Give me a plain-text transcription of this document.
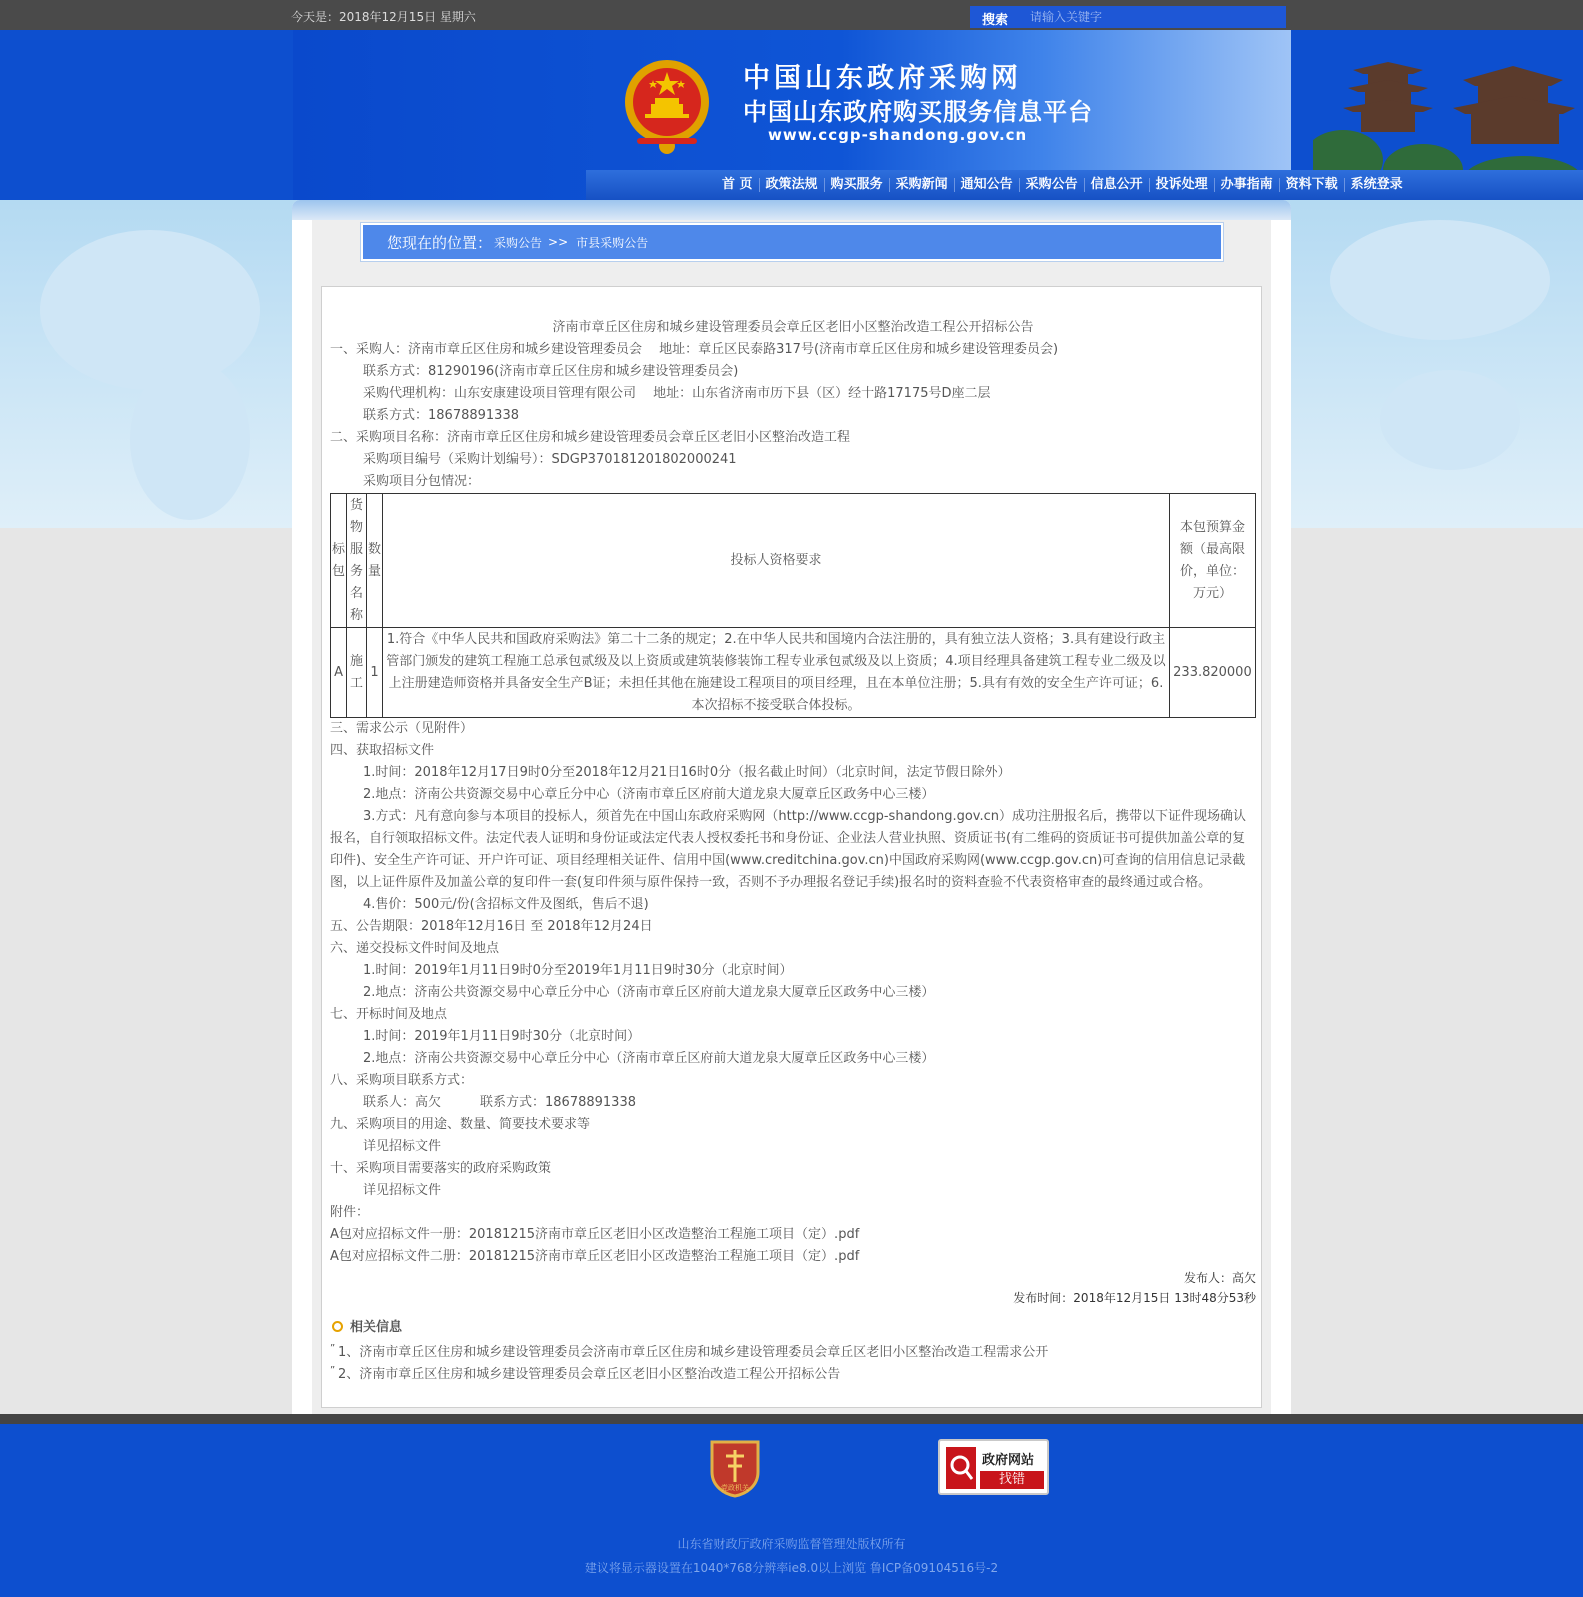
今天是：2018年12月15日 星期六	搜索
请输入关键字
中国山东政府采购网
中国山东政府购买服务信息平台
www.ccgp-shandong.gov.cn
首 页	政策法规	购买服务	采购新闻	通知公告	采购公告	信息公开	投诉处理	办事指南	资料下载	系统登录
您现在的位置： 采购公告 >> 市县采购公告
济南市章丘区住房和城乡建设管理委员会章丘区老旧小区整治改造工程公开招标公告
一、采购人：济南市章丘区住房和城乡建设管理委员会　 地址：章丘区民泰路317号(济南市章丘区住房和城乡建设管理委员会)
联系方式：81290196(济南市章丘区住房和城乡建设管理委员会)
采购代理机构：山东安康建设项目管理有限公司　 地址：山东省济南市历下县（区）经十路17175号D座二层
联系方式：18678891338
二、采购项目名称：济南市章丘区住房和城乡建设管理委员会章丘区老旧小区整治改造工程
采购项目编号（采购计划编号）：SDGP370181201802000241
采购项目分包情况：
标包	货物服务名称	数量	投标人资格要求	本包预算金额（最高限价，单位：万元）
A	施工	1	1.符合《中华人民共和国政府采购法》第二十二条的规定；2.在中华人民共和国境内合法注册的，具有独立法人资格；3.具有建设行政主管部门颁发的建筑工程施工总承包贰级及以上资质或建筑装修装饰工程专业承包贰级及以上资质；4.项目经理具备建筑工程专业二级及以上注册建造师资格并具备安全生产B证；未担任其他在施建设工程项目的项目经理，且在本单位注册；5.具有有效的安全生产许可证；6.本次招标不接受联合体投标。	233.820000
三、需求公示（见附件）
四、获取招标文件
1.时间：2018年12月17日9时0分至2018年12月21日16时0分（报名截止时间）（北京时间，法定节假日除外）
2.地点：济南公共资源交易中心章丘分中心（济南市章丘区府前大道龙泉大厦章丘区政务中心三楼）
3.方式：凡有意向参与本项目的投标人，须首先在中国山东政府采购网（http://www.ccgp-shandong.gov.cn）成功注册报名后，携带以下证件现场确认报名，自行领取招标文件。法定代表人证明和身份证或法定代表人授权委托书和身份证、企业法人营业执照、资质证书(有二维码的资质证书可提供加盖公章的复印件)、安全生产许可证、开户许可证、项目经理相关证件、信用中国(www.creditchina.gov.cn)中国政府采购网(www.ccgp.gov.cn)可查询的信用信息记录截图，以上证件原件及加盖公章的复印件一套(复印件须与原件保持一致，否则不予办理报名登记手续)报名时的资料查验不代表资格审查的最终通过或合格。
4.售价：500元/份(含招标文件及图纸，售后不退)
五、公告期限：2018年12月16日 至 2018年12月24日
六、递交投标文件时间及地点
1.时间：2019年1月11日9时0分至2019年1月11日9时30分（北京时间）
2.地点：济南公共资源交易中心章丘分中心（济南市章丘区府前大道龙泉大厦章丘区政务中心三楼）
七、开标时间及地点
1.时间：2019年1月11日9时30分（北京时间）
2.地点：济南公共资源交易中心章丘分中心（济南市章丘区府前大道龙泉大厦章丘区政务中心三楼）
八、采购项目联系方式：
联系人：高欠　　　联系方式：18678891338
九、采购项目的用途、数量、简要技术要求等
详见招标文件
十、采购项目需要落实的政府采购政策
详见招标文件
附件：
A包对应招标文件一册：20181215济南市章丘区老旧小区改造整治工程施工项目（定）.pdf
A包对应招标文件二册：20181215济南市章丘区老旧小区改造整治工程施工项目（定）.pdf
发布人：高欠
发布时间：2018年12月15日 13时48分53秒
相关信息
” 1、济南市章丘区住房和城乡建设管理委员会济南市章丘区住房和城乡建设管理委员会章丘区老旧小区整治改造工程需求公开
” 2、济南市章丘区住房和城乡建设管理委员会章丘区老旧小区整治改造工程公开招标公告
党政机关
政府网站
找错
山东省财政厅政府采购监督管理处版权所有
建议将显示器设置在1040*768分辨率ie8.0以上浏览 鲁ICP备09104516号-2
